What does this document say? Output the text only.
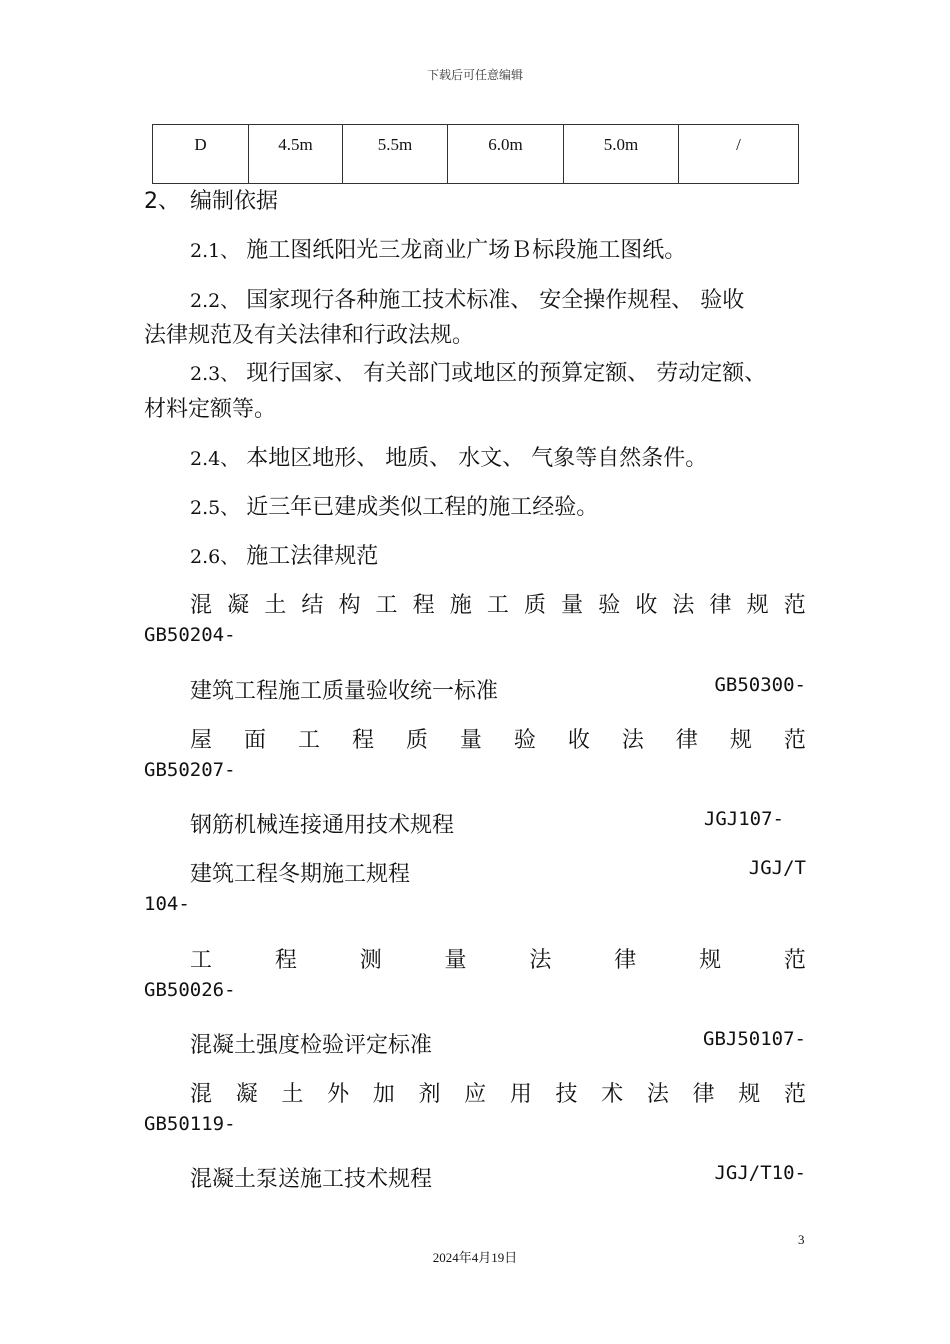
下载后可任意编辑
D	4.5m	5.5m	6.0m	5.0m	/
2、 编制依据
2.1、 施工图纸阳光三龙商业广场Ｂ标段施工图纸。
2.2、 国家现行各种施工技术标准、 安全操作规程、 验收
法律规范及有关法律和行政法规。
2.3、 现行国家、 有关部门或地区的预算定额、 劳动定额、
材料定额等。
2.4、 本地区地形、 地质、 水文、 气象等自然条件。
2.5、 近三年已建成类似工程的施工经验。
2.6、 施工法律规范
混 凝 土 结 构 工 程 施 工 质 量 验 收 法 律 规 范
GB50204-
建筑工程施工质量验收统一标准	GB50300-
屋 面 工 程 质 量 验 收 法 律 规 范
GB50207-
钢筋机械连接通用技术规程	JGJ107-
建筑工程冬期施工规程	JGJ/T
104-
工	程	测	量	法	律	规	范
GB50026-
混凝土强度检验评定标准	GBJ50107-
混 凝 土 外 加 剂 应 用 技 术 法 律 规 范
GB50119-
混凝土泵送施工技术规程	JGJ/T10-
3
2024年4月19日
